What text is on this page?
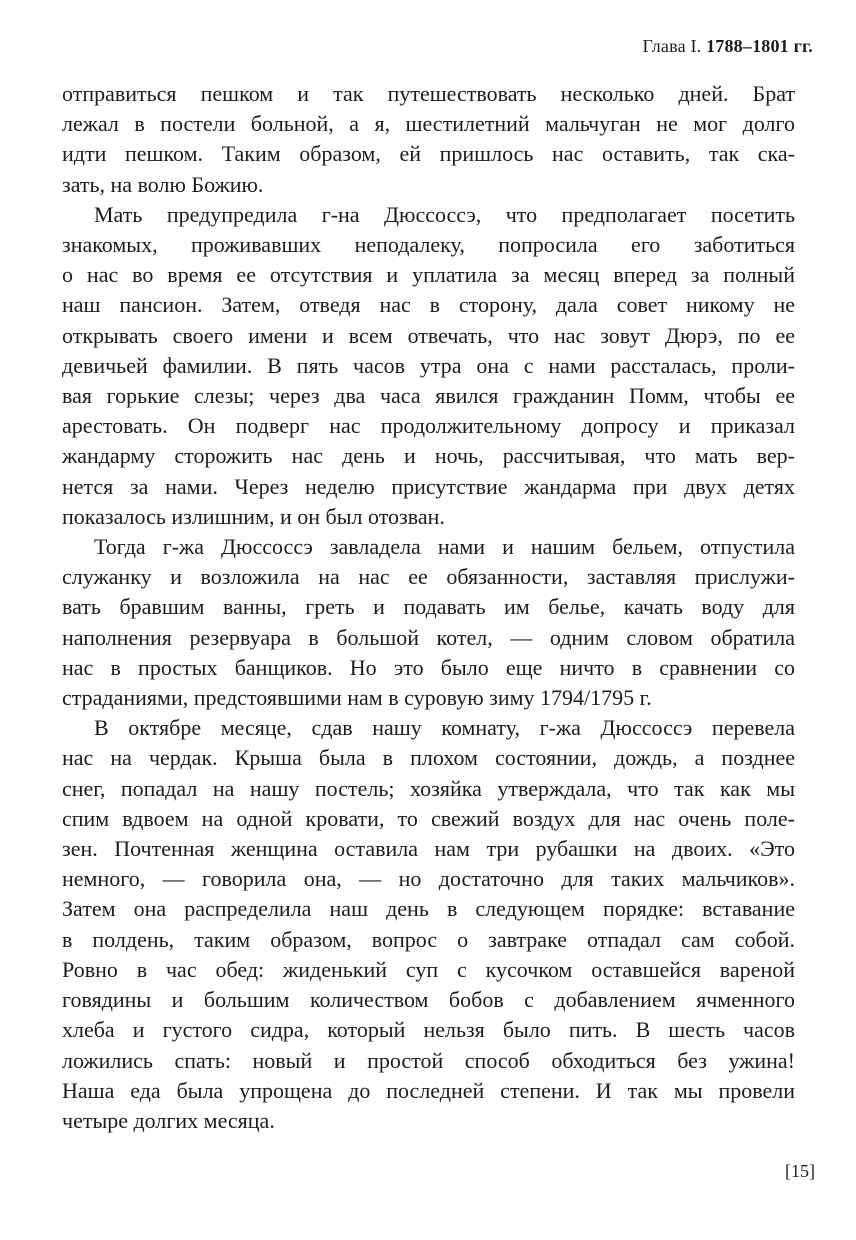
Глава I. 1788–1801 гг.
отправиться пешком и так путешествовать несколько дней. Брат
лежал в постели больной, а я, шестилетний мальчуган не мог долго
идти пешком. Таким образом, ей пришлось нас оставить, так ска-
зать, на волю Божию.
Мать предупредила г-на Дюссоссэ, что предполагает посетить
знакомых, проживавших неподалеку, попросила его заботиться
о нас во время ее отсутствия и уплатила за месяц вперед за полный
наш пансион. Затем, отведя нас в сторону, дала совет никому не
открывать своего имени и всем отвечать, что нас зовут Дюрэ, по ее
девичьей фамилии. В пять часов утра она с нами рассталась, проли-
вая горькие слезы; через два часа явился гражданин Помм, чтобы ее
арестовать. Он подверг нас продолжительному допросу и приказал
жандарму сторожить нас день и ночь, рассчитывая, что мать вер-
нется за нами. Через неделю присутствие жандарма при двух детях
показалось излишним, и он был отозван.
Тогда г-жа Дюссоссэ завладела нами и нашим бельем, отпустила
служанку и возложила на нас ее обязанности, заставляя прислужи-
вать бравшим ванны, греть и подавать им белье, качать воду для
наполнения резервуара в большой котел, — одним словом обратила
нас в простых банщиков. Но это было еще ничто в сравнении со
страданиями, предстоявшими нам в суровую зиму 1794/1795 г.
В октябре месяце, сдав нашу комнату, г-жа Дюссоссэ перевела
нас на чердак. Крыша была в плохом состоянии, дождь, а позднее
снег, попадал на нашу постель; хозяйка утверждала, что так как мы
спим вдвоем на одной кровати, то свежий воздух для нас очень поле-
зен. Почтенная женщина оставила нам три рубашки на двоих. «Это
немного, — говорила она, — но достаточно для таких мальчиков».
Затем она распределила наш день в следующем порядке: вставание
в полдень, таким образом, вопрос о завтраке отпадал сам собой.
Ровно в час обед: жиденький суп с кусочком оставшейся вареной
говядины и большим количеством бобов с добавлением ячменного
хлеба и густого сидра, который нельзя было пить. В шесть часов
ложились спать: новый и простой способ обходиться без ужина!
Наша еда была упрощена до последней степени. И так мы провели
четыре долгих месяца.
[15]
